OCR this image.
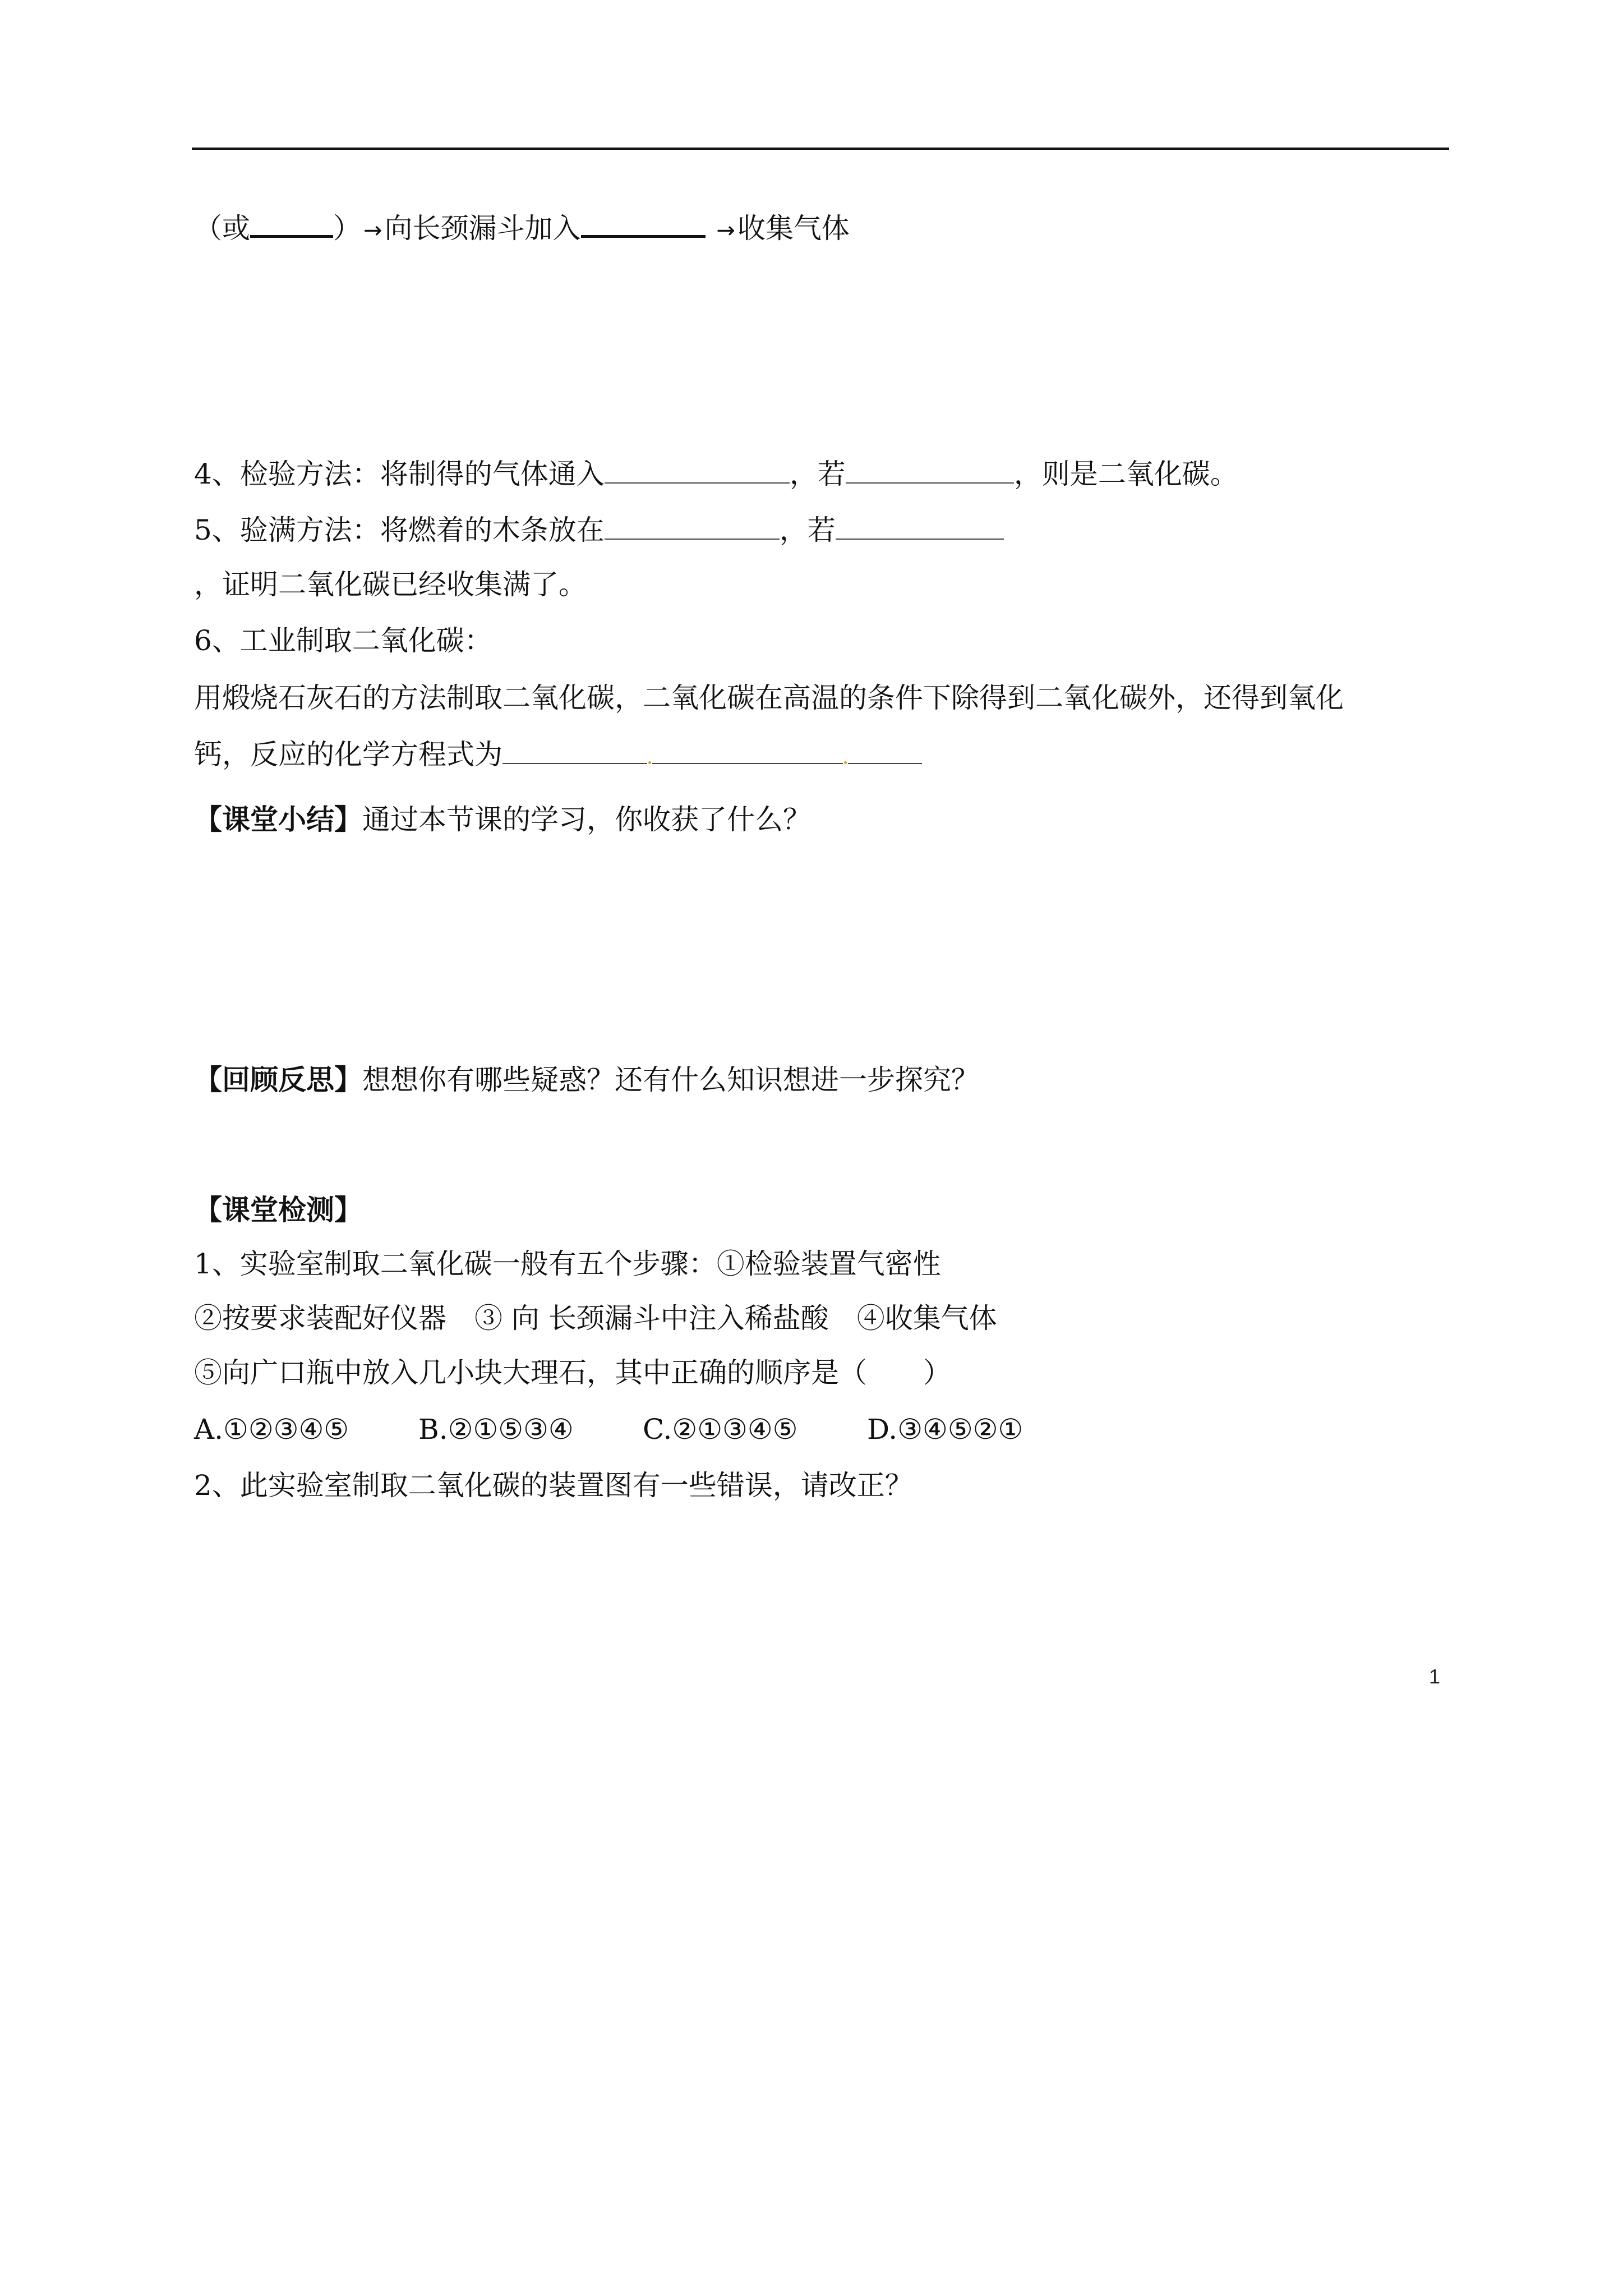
（或	） →向长颈漏斗加入	→收集气体
4、检验方法：将制得的气体通入	，若	，则是二氧化碳。
5、验满方法：将燃着的木条放在	，若
，证明二氧化碳已经收集满了。
6、工业制取二氧化碳：
用煅烧石灰石的方法制取二氧化碳，二氧化碳在高温的条件下除得到二氧化碳外，还得到氧化
钙，反应的化学方程式为
【课堂小结】通过本节课的学习，你收获了什么？
【回顾反思】想想你有哪些疑惑？还有什么知识想进一步探究？
【课堂检测】
1、实验室制取二氧化碳一般有五个步骤：①检验装置气密性
②按要求装配好仪器　③ 向 长颈漏斗中注入稀盐酸　④收集气体
⑤向广口瓶中放入几小块大理石，其中正确的顺序是（　　）
A.①②③④⑤ B.②①⑤③④ C.②①③④⑤ D.③④⑤②①
2、此实验室制取二氧化碳的装置图有一些错误，请改正？
1
